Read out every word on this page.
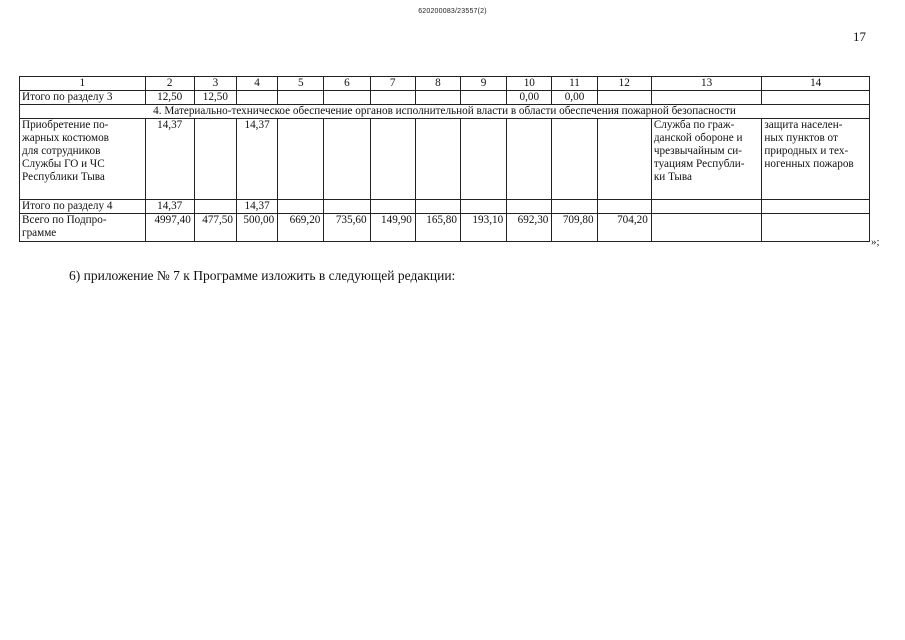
620200083/23557(2)
17
1	2	3	4	5	6	7	8	9	10	11	12	13	14
Итого по разделу 3	12,50	12,50							0,00	0,00			
4. Материально-техническое обеспечение органов исполнительной власти в области обеспечения пожарной безопасности													
Приобретение по-
жарных костюмов
для сотрудников
Службы ГО и ЧС
Республики Тыва	14,37		14,37									Служба по граж-
данской обороне и
чрезвычайным си-
туациям Республи-
ки Тыва	защита населен-
ных пунктов от
природных и тех-
ногенных пожаров
Итого по разделу 4	14,37		14,37										
Всего по Подпро-
грамме	4997,40	477,50	500,00	669,20	735,60	149,90	165,80	193,10	692,30	709,80	704,20		
»;
6) приложение № 7 к Программе изложить в следующей редакции:
